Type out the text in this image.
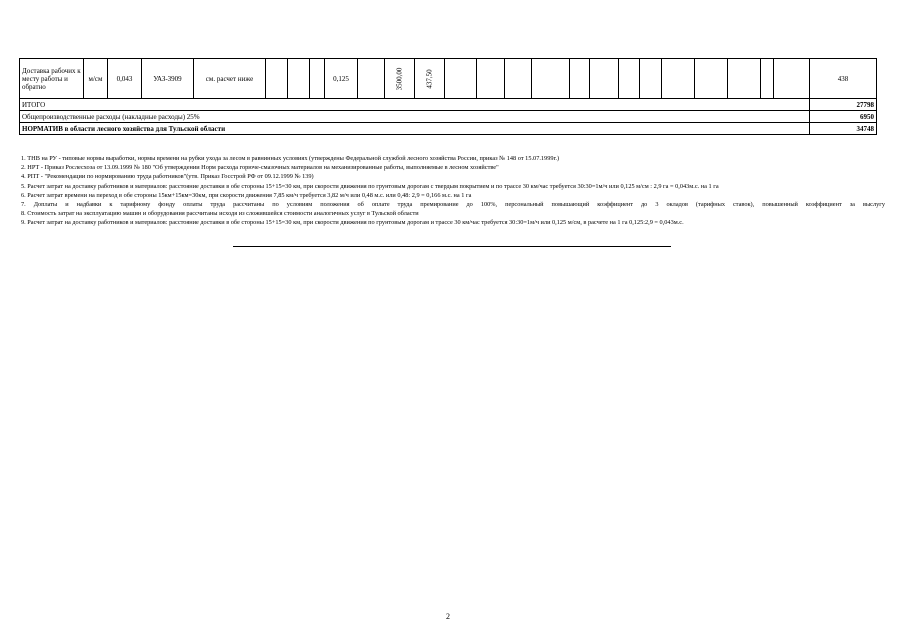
Доставка рабочих к месту работы и обратно	м/см	0,043	УАЗ-3909	см. расчет ниже				0,125		3500,00	437,50														438
ИТОГО																									27798
Общепроизводственные расходы (накладные расходы) 25%																									6950
НОРМАТИВ в области лесного хозяйства для Тульской области																									34748
1. ТНВ на РУ - типовые нормы выработки, нормы времени на рубки ухода за лесом в равнинных условиях (утверждены Федеральной службой лесного хозяйства России, приказ № 148 от 15.07.1999г.)
2. НРТ - Приказ Рослесхоза от 13.09.1999 № 180 "Об утверждении Норм расхода горюче-смазочных материалов на механизированные работы, выполняемые в лесном хозяйстве"
4. РПТ - "Рекомендации по нормированию труда работников"(утв. Приказ Госстрой РФ от 09.12.1999 № 139)
5. Расчет затрат на доставку работников и материалов: расстояние доставки в обе стороны 15+15=30 км, при скорости движения по грунтовым дорогам с твердым покрытием и по трассе 30 км/час требуется 30:30=1м/ч или 0,125 м/см : 2,9 га = 0,043м.с. на 1 га
6. Расчет затрат времени на переход в обе стороны 15км+15км=30км, при скорости движения 7,85 км/ч требуется 3,82 м/ч или 0,48 м.с. или 0,48: 2,9 = 0,166 м.с. на 1 га
7. Доплаты и надбавки к тарифному фонду оплаты труда рассчитаны по условиям положения об оплате труда премирование до 100%, персональный повышающий коэффициент до 3 окладов (тарифных ставок), повышенный коэффициент за выслугу
8. Стоимость затрат на эксплуатацию машин и оборудования рассчитаны исходя из сложившейся стоимости аналогичных услуг в Тульской области
9. Расчет затрат на доставку работников и материалов: расстояние доставки в обе стороны 15+15=30 км, при скорости движения по грунтовым дорогам и трассе 30 км/час требуется 30:30=1м/ч или 0,125 м/см, в расчете на 1 га 0,125:2,9 = 0,043м.с.
2
